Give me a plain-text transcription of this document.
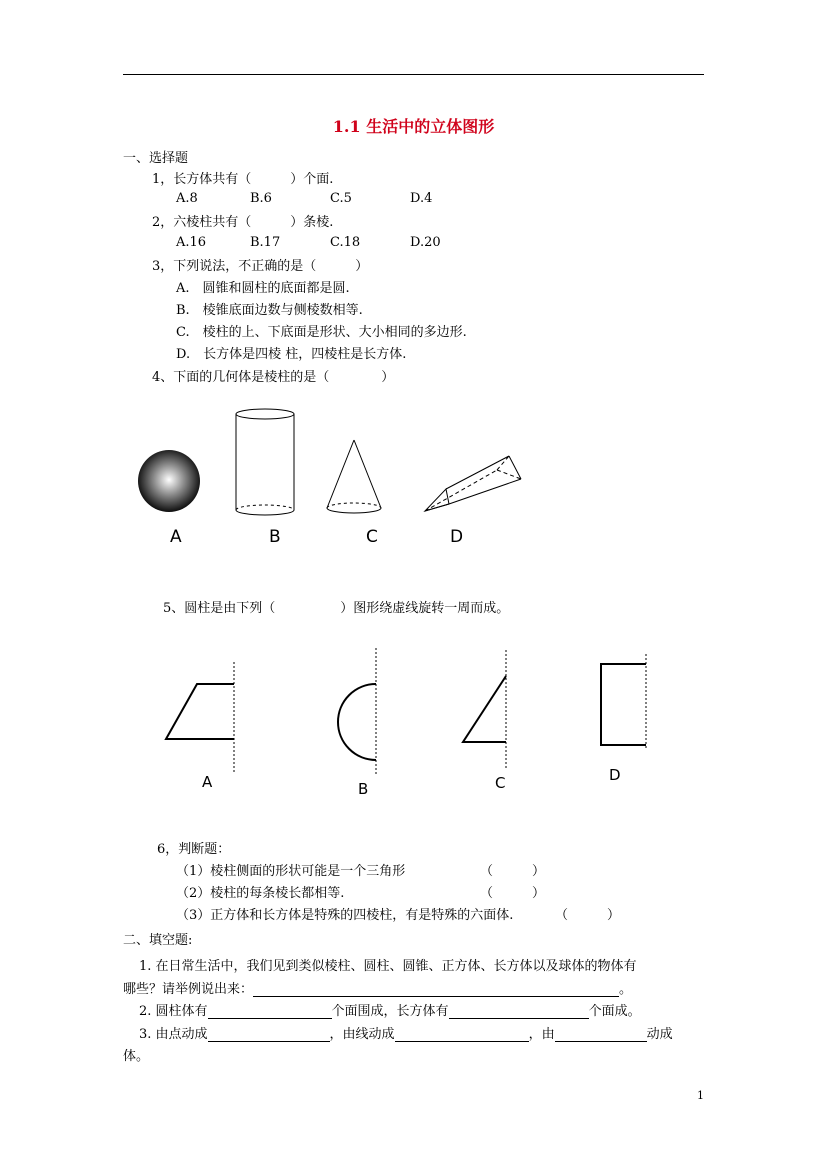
1.1 生活中的立体图形
一、选择题
1，长方体共有（　　　）个面.
A.8	B.6	C.5	D.4
2，六棱柱共有（　　　）条棱.
A.16	B.17	C.18	D.20
3，下列说法，不正确的是（　　　）
A.　圆锥和圆柱的底面都是圆.
B.　棱锥底面边数与侧棱数相等.
C.　棱柱的上、下底面是形状、大小相同的多边形.
D.　长方体是四棱 柱，四棱柱是长方体.
4、下面的几何体是棱柱的是（　　　　）
A	B	C	D
5、圆柱是由下列（　　　　　）图形绕虚线旋转一周而成。
A	B	C	D
6，判断题：
（1）棱柱侧面的形状可能是一个三角形	（　　　）
（2）棱柱的每条棱长都相等.	（　　　）
（3）正方体和长方体是特殊的四棱柱，有是特殊的六面体.	（　　　）
二、填空题:
1. 在日常生活中，我们见到类似棱柱、圆柱、圆锥、正方体、长方体以及球体的物体有
哪些？请举例说出来：	。
2. 圆柱体有	个面围成，长方体有	个面成。
3. 由点动成	，由线动成	，由	动成
体。
1
